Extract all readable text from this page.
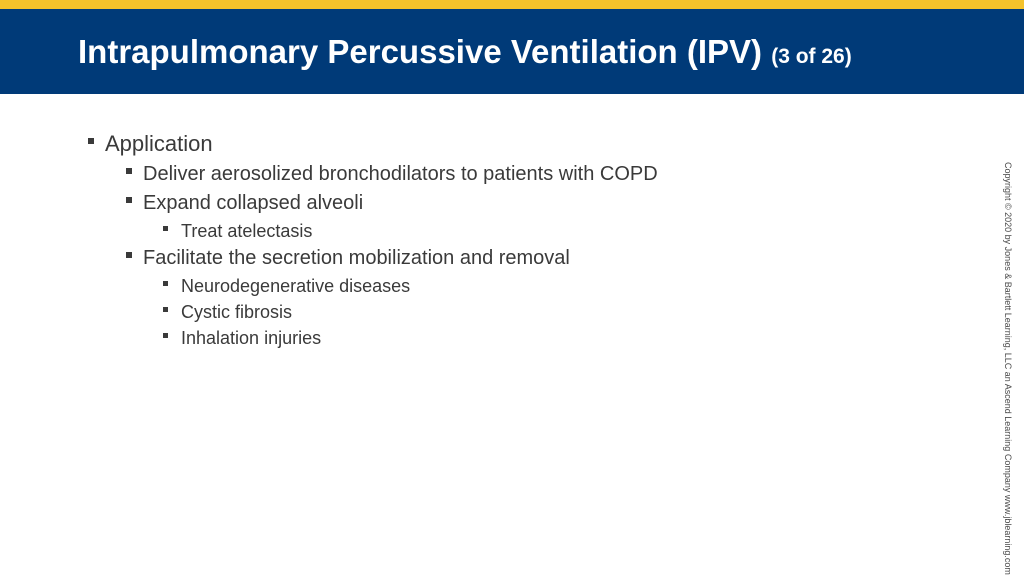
Intrapulmonary Percussive Ventilation (IPV) (3 of 26)
Application
Deliver aerosolized bronchodilators to patients with COPD
Expand collapsed alveoli
Treat atelectasis
Facilitate the secretion mobilization and removal
Neurodegenerative diseases
Cystic fibrosis
Inhalation injuries	Copyright © 2020 by Jones & Bartlett Learning, LLC an Ascend Learning Company www.jblearning.com
